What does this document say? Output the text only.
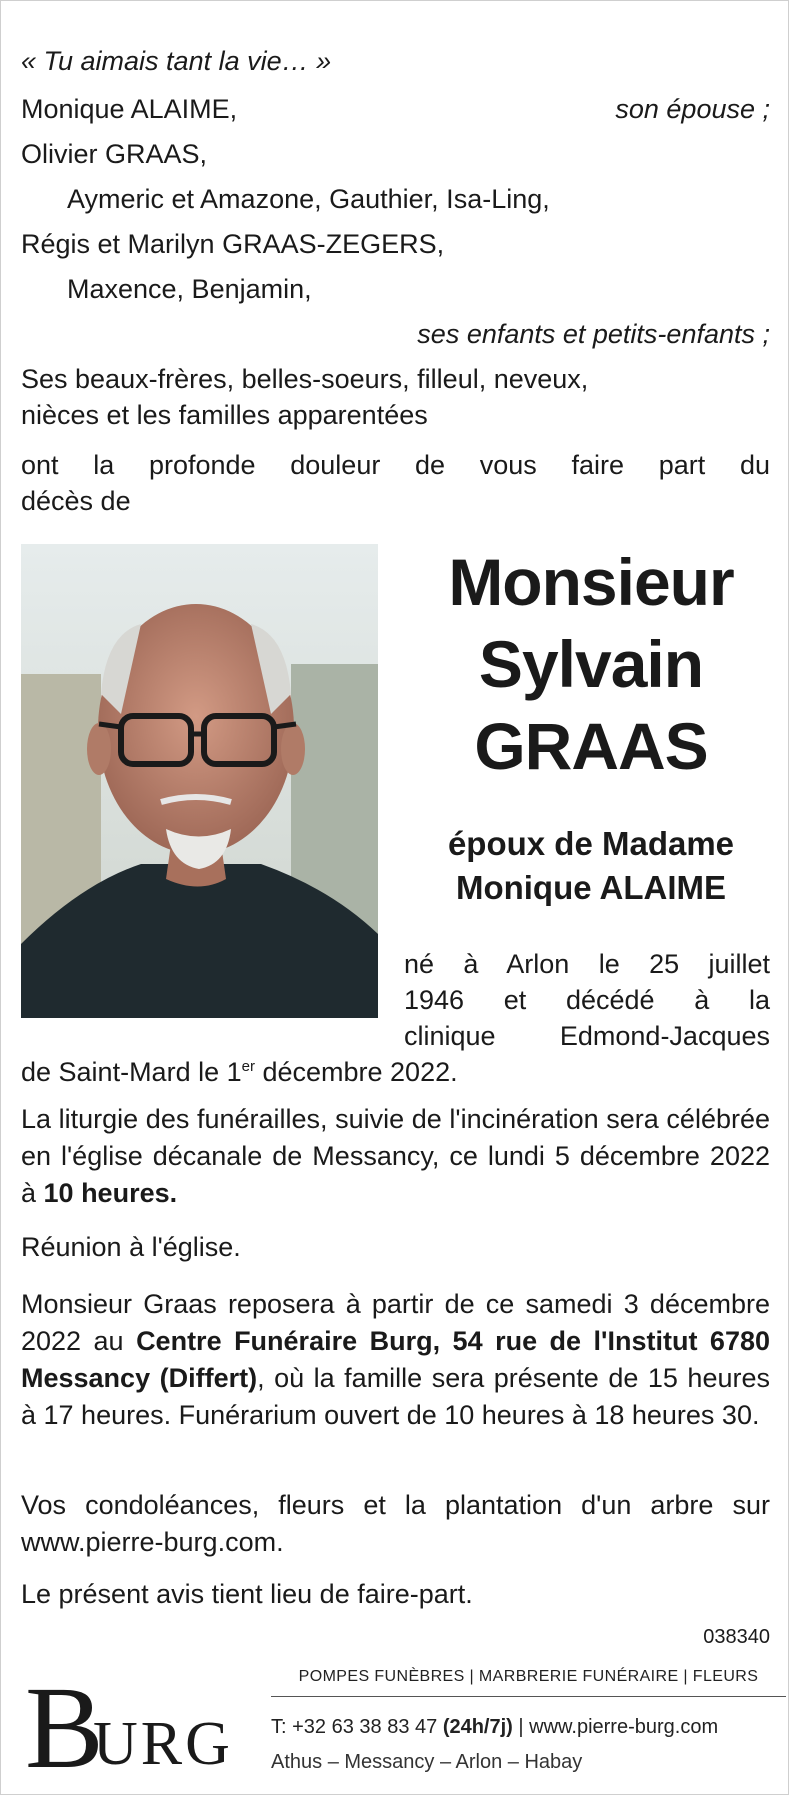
« Tu aimais tant la vie… »
Monique ALAIME,	son épouse ;
Olivier GRAAS,
Aymeric et Amazone, Gauthier, Isa-Ling,
Régis et Marilyn GRAAS-ZEGERS,
Maxence, Benjamin,
ses enfants et petits-enfants ;
Ses beaux-frères, belles-soeurs, filleul, neveux,
nièces et les familles apparentées
ont la profonde douleur de vous faire part du
décès de
Monsieur
Sylvain
GRAAS
époux de Madame
Monique ALAIME
né à Arlon le 25 juillet
1946 et décédé à la
clinique Edmond-Jacques
de Saint-Mard le 1er décembre 2022.
La liturgie des funérailles, suivie de l'incinération sera célébrée en l'église décanale de Messancy, ce lundi 5 décembre 2022 à 10 heures.
Réunion à l'église.
Monsieur Graas reposera à partir de ce samedi 3 décembre 2022 au Centre Funéraire Burg, 54 rue de l'Institut 6780 Messancy (Differt), où la famille sera présente de 15 heures à 17 heures. Funérarium ouvert de 10 heures à 18 heures 30.
Vos condoléances, fleurs et la plantation d'un arbre sur www.pierre-burg.com.
Le présent avis tient lieu de faire-part.
038340
B
URG
POMPES FUNÈBRES | MARBRERIE FUNÉRAIRE | FLEURS
T: +32 63 38 83 47 (24h/7j) | www.pierre-burg.com
Athus – Messancy – Arlon – Habay
